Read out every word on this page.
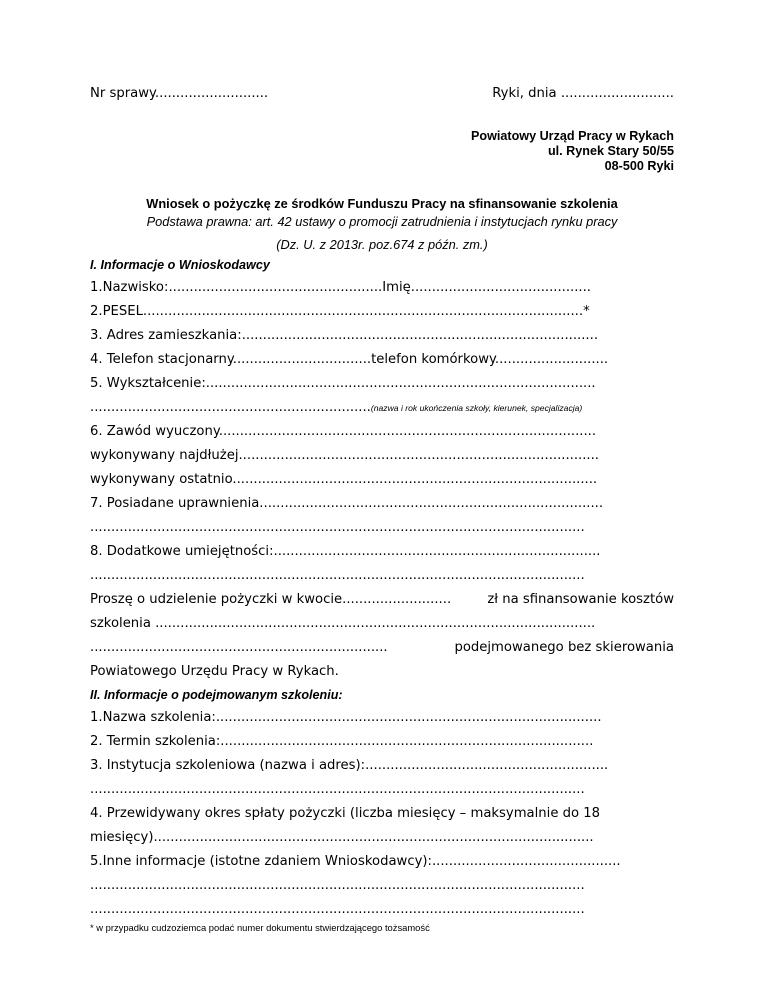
Nr sprawy...........................	Ryki, dnia ...........................
Powiatowy Urząd Pracy w Rykach
ul. Rynek Stary 50/55
08-500 Ryki
Wniosek o pożyczkę ze środków Funduszu Pracy na sfinansowanie szkolenia
Podstawa prawna: art. 42 ustawy o promocji zatrudnienia i instytucjach rynku pracy
(Dz. U. z 2013r. poz.674 z późn. zm.)
I. Informacje o Wnioskodawcy
1.Nazwisko:...................................................Imię...........................................
2.PESEL.........................................................................................................*
3. Adres zamieszkania:.....................................................................................
4. Telefon stacjonarny.................................telefon komórkowy...........................
5. Wykształcenie:.............................................................................................
...................................................................(nazwa i rok ukończenia szkoły, kierunek, specjalizacja)
6. Zawód wyuczony..........................................................................................
wykonywany najdłużej......................................................................................
wykonywany ostatnio.......................................................................................
7. Posiadane uprawnienia..................................................................................
......................................................................................................................
8. Dodatkowe umiejętności:..............................................................................
......................................................................................................................
Proszę o udzielenie pożyczki w kwocie..........................	zł na sfinansowanie kosztów
szkolenia .........................................................................................................
.......................................................................	podejmowanego bez skierowania
Powiatowego Urzędu Pracy w Rykach.
II. Informacje o podejmowanym szkoleniu:
1.Nazwa szkolenia:............................................................................................
2. Termin szkolenia:.........................................................................................
3. Instytucja szkoleniowa (nazwa i adres):..........................................................
......................................................................................................................
4. Przewidywany okres spłaty pożyczki (liczba miesięcy – maksymalnie do 18
miesięcy).........................................................................................................
5.Inne informacje (istotne zdaniem Wnioskodawcy):.............................................
......................................................................................................................
......................................................................................................................
* w przypadku cudzoziemca podać numer dokumentu stwierdzającego tożsamość
